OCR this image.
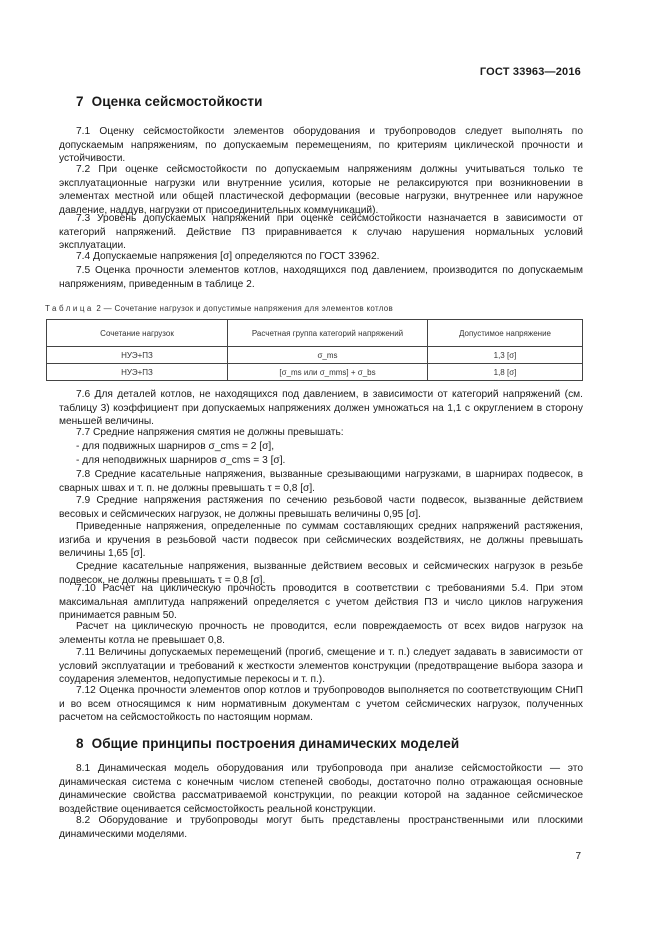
ГОСТ 33963—2016
7 Оценка сейсмостойкости

7.1 Оценку сейсмостойкости элементов оборудования и трубопроводов следует выполнять по допускаемым напряжениям, по допускаемым перемещениям, по критериям циклической прочности и устойчивости.

7.2 При оценке сейсмостойкости по допускаемым напряжениям должны учитываться только те эксплуатационные нагрузки или внутренние усилия, которые не релаксируются при возникновении в элементах местной или общей пластической деформации (весовые нагрузки, внутреннее или наружное давление, наддув, нагрузки от присоединительных коммуникаций).

7.3 Уровень допускаемых напряжений при оценке сейсмостойкости назначается в зависимости от категорий напряжений. Действие ПЗ приравнивается к случаю нарушения нормальных условий эксплуатации.

7.4 Допускаемые напряжения [σ] определяются по ГОСТ 33962.

7.5 Оценка прочности элементов котлов, находящихся под давлением, производится по допускаемым напряжениям, приведенным в таблице 2.

Таблица 2 — Сочетание нагрузок и допустимые напряжения для элементов котлов
Сочетание нагрузок	Расчетная группа категорий напряжений	Допустимое напряжение
НУЭ+ПЗ	σ_ms	1,3 [σ]
НУЭ+ПЗ	[σ_ms или σ_mms] + σ_bs	1,8 [σ]

7.6 Для деталей котлов, не находящихся под давлением, в зависимости от категорий напряжений (см. таблицу 3) коэффициент при допускаемых напряжениях должен умножаться на 1,1 с округлением в сторону меньшей величины.

7.7 Средние напряжения смятия не должны превышать:

- для подвижных шарниров σ_cms = 2 [σ],

- для неподвижных шарниров σ_cms = 3 [σ].

7.8 Средние касательные напряжения, вызванные срезывающими нагрузками, в шарнирах подвесок, в сварных швах и т. п. не должны превышать τ = 0,8 [σ].

7.9 Средние напряжения растяжения по сечению резьбовой части подвесок, вызванные действием весовых и сейсмических нагрузок, не должны превышать величины 0,95 [σ].

Приведенные напряжения, определенные по суммам составляющих средних напряжений растяжения, изгиба и кручения в резьбовой части подвесок при сейсмических воздействиях, не должны превышать величины 1,65 [σ].

Средние касательные напряжения, вызванные действием весовых и сейсмических нагрузок в резьбе подвесок, не должны превышать τ = 0,8 [σ].

7.10 Расчет на циклическую прочность проводится в соответствии с требованиями 5.4. При этом максимальная амплитуда напряжений определяется с учетом действия ПЗ и число циклов нагружения принимается равным 50.

Расчет на циклическую прочность не проводится, если повреждаемость от всех видов нагрузок на элементы котла не превышает 0,8.

7.11 Величины допускаемых перемещений (прогиб, смещение и т. п.) следует задавать в зависимости от условий эксплуатации и требований к жесткости элементов конструкции (предотвращение выбора зазора и соударения элементов, недопустимые перекосы и т. п.).

7.12 Оценка прочности элементов опор котлов и трубопроводов выполняется по соответствующим СНиП и во всем относящимся к ним нормативным документам с учетом сейсмических нагрузок, полученных расчетом на сейсмостойкость по настоящим нормам.

8 Общие принципы построения динамических моделей

8.1 Динамическая модель оборудования или трубопровода при анализе сейсмостойкости — это динамическая система с конечным числом степеней свободы, достаточно полно отражающая основные динамические свойства рассматриваемой конструкции, по реакции которой на заданное сейсмическое воздействие оценивается сейсмостойкость реальной конструкции.

8.2 Оборудование и трубопроводы могут быть представлены пространственными или плоскими динамическими моделями.

7
